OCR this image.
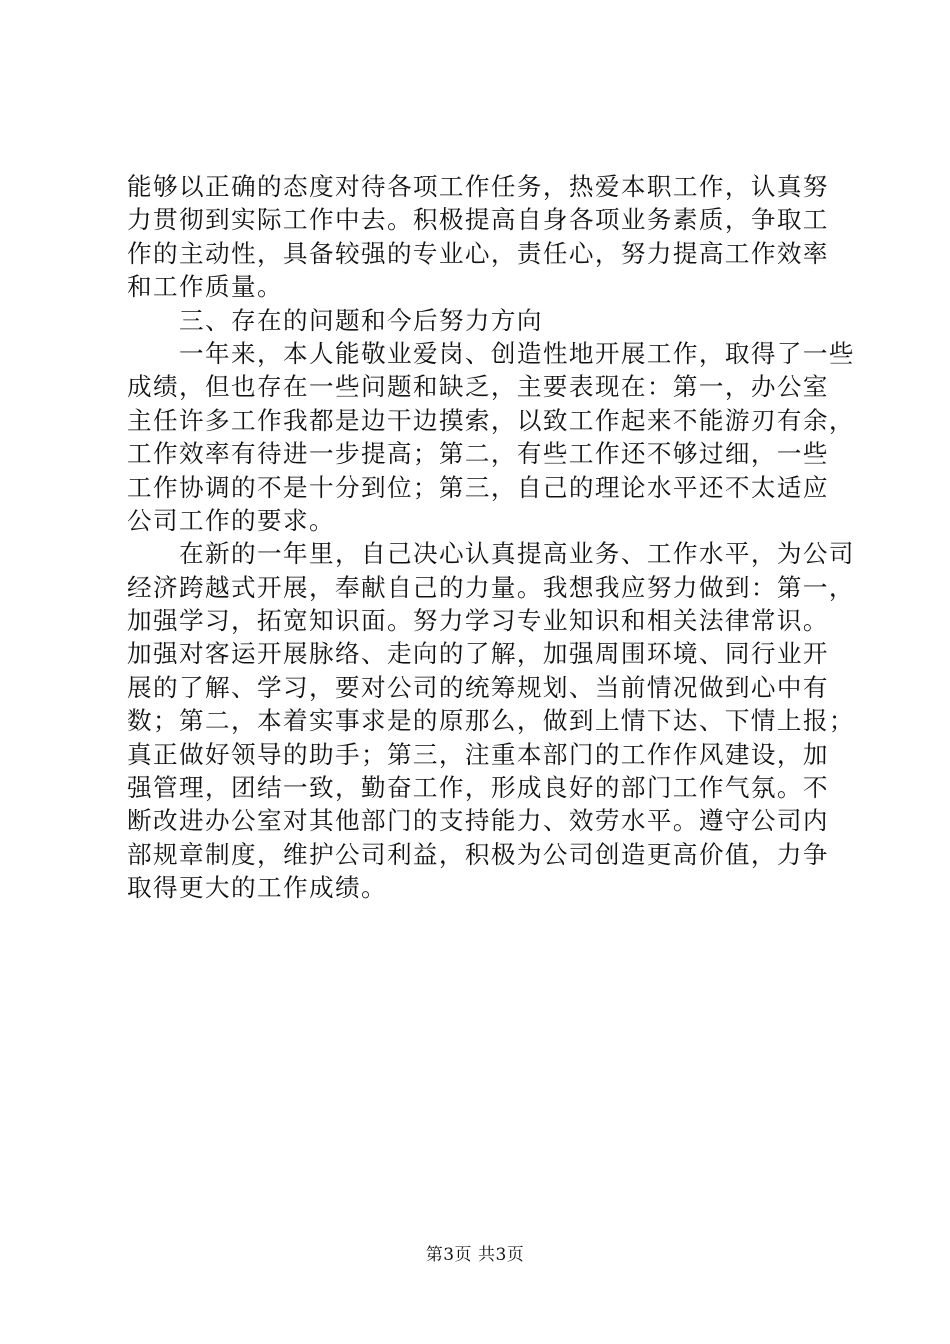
能够以正确的态度对待各项工作任务，热爱本职工作，认真努
力贯彻到实际工作中去。积极提高自身各项业务素质，争取工
作的主动性，具备较强的专业心，责任心，努力提高工作效率
和工作质量。
三、存在的问题和今后努力方向
一年来，本人能敬业爱岗、创造性地开展工作，取得了一些
成绩，但也存在一些问题和缺乏，主要表现在：第一，办公室
主任许多工作我都是边干边摸索，以致工作起来不能游刃有余，
工作效率有待进一步提高；第二，有些工作还不够过细，一些
工作协调的不是十分到位；第三，自己的理论水平还不太适应
公司工作的要求。
在新的一年里，自己决心认真提高业务、工作水平，为公司
经济跨越式开展，奉献自己的力量。我想我应努力做到：第一，
加强学习，拓宽知识面。努力学习专业知识和相关法律常识。
加强对客运开展脉络、走向的了解，加强周围环境、同行业开
展的了解、学习，要对公司的统筹规划、当前情况做到心中有
数；第二，本着实事求是的原那么，做到上情下达、下情上报；
真正做好领导的助手；第三，注重本部门的工作作风建设，加
强管理，团结一致，勤奋工作，形成良好的部门工作气氛。不
断改进办公室对其他部门的支持能力、效劳水平。遵守公司内
部规章制度，维护公司利益，积极为公司创造更高价值，力争
取得更大的工作成绩。
第3页 共3页
